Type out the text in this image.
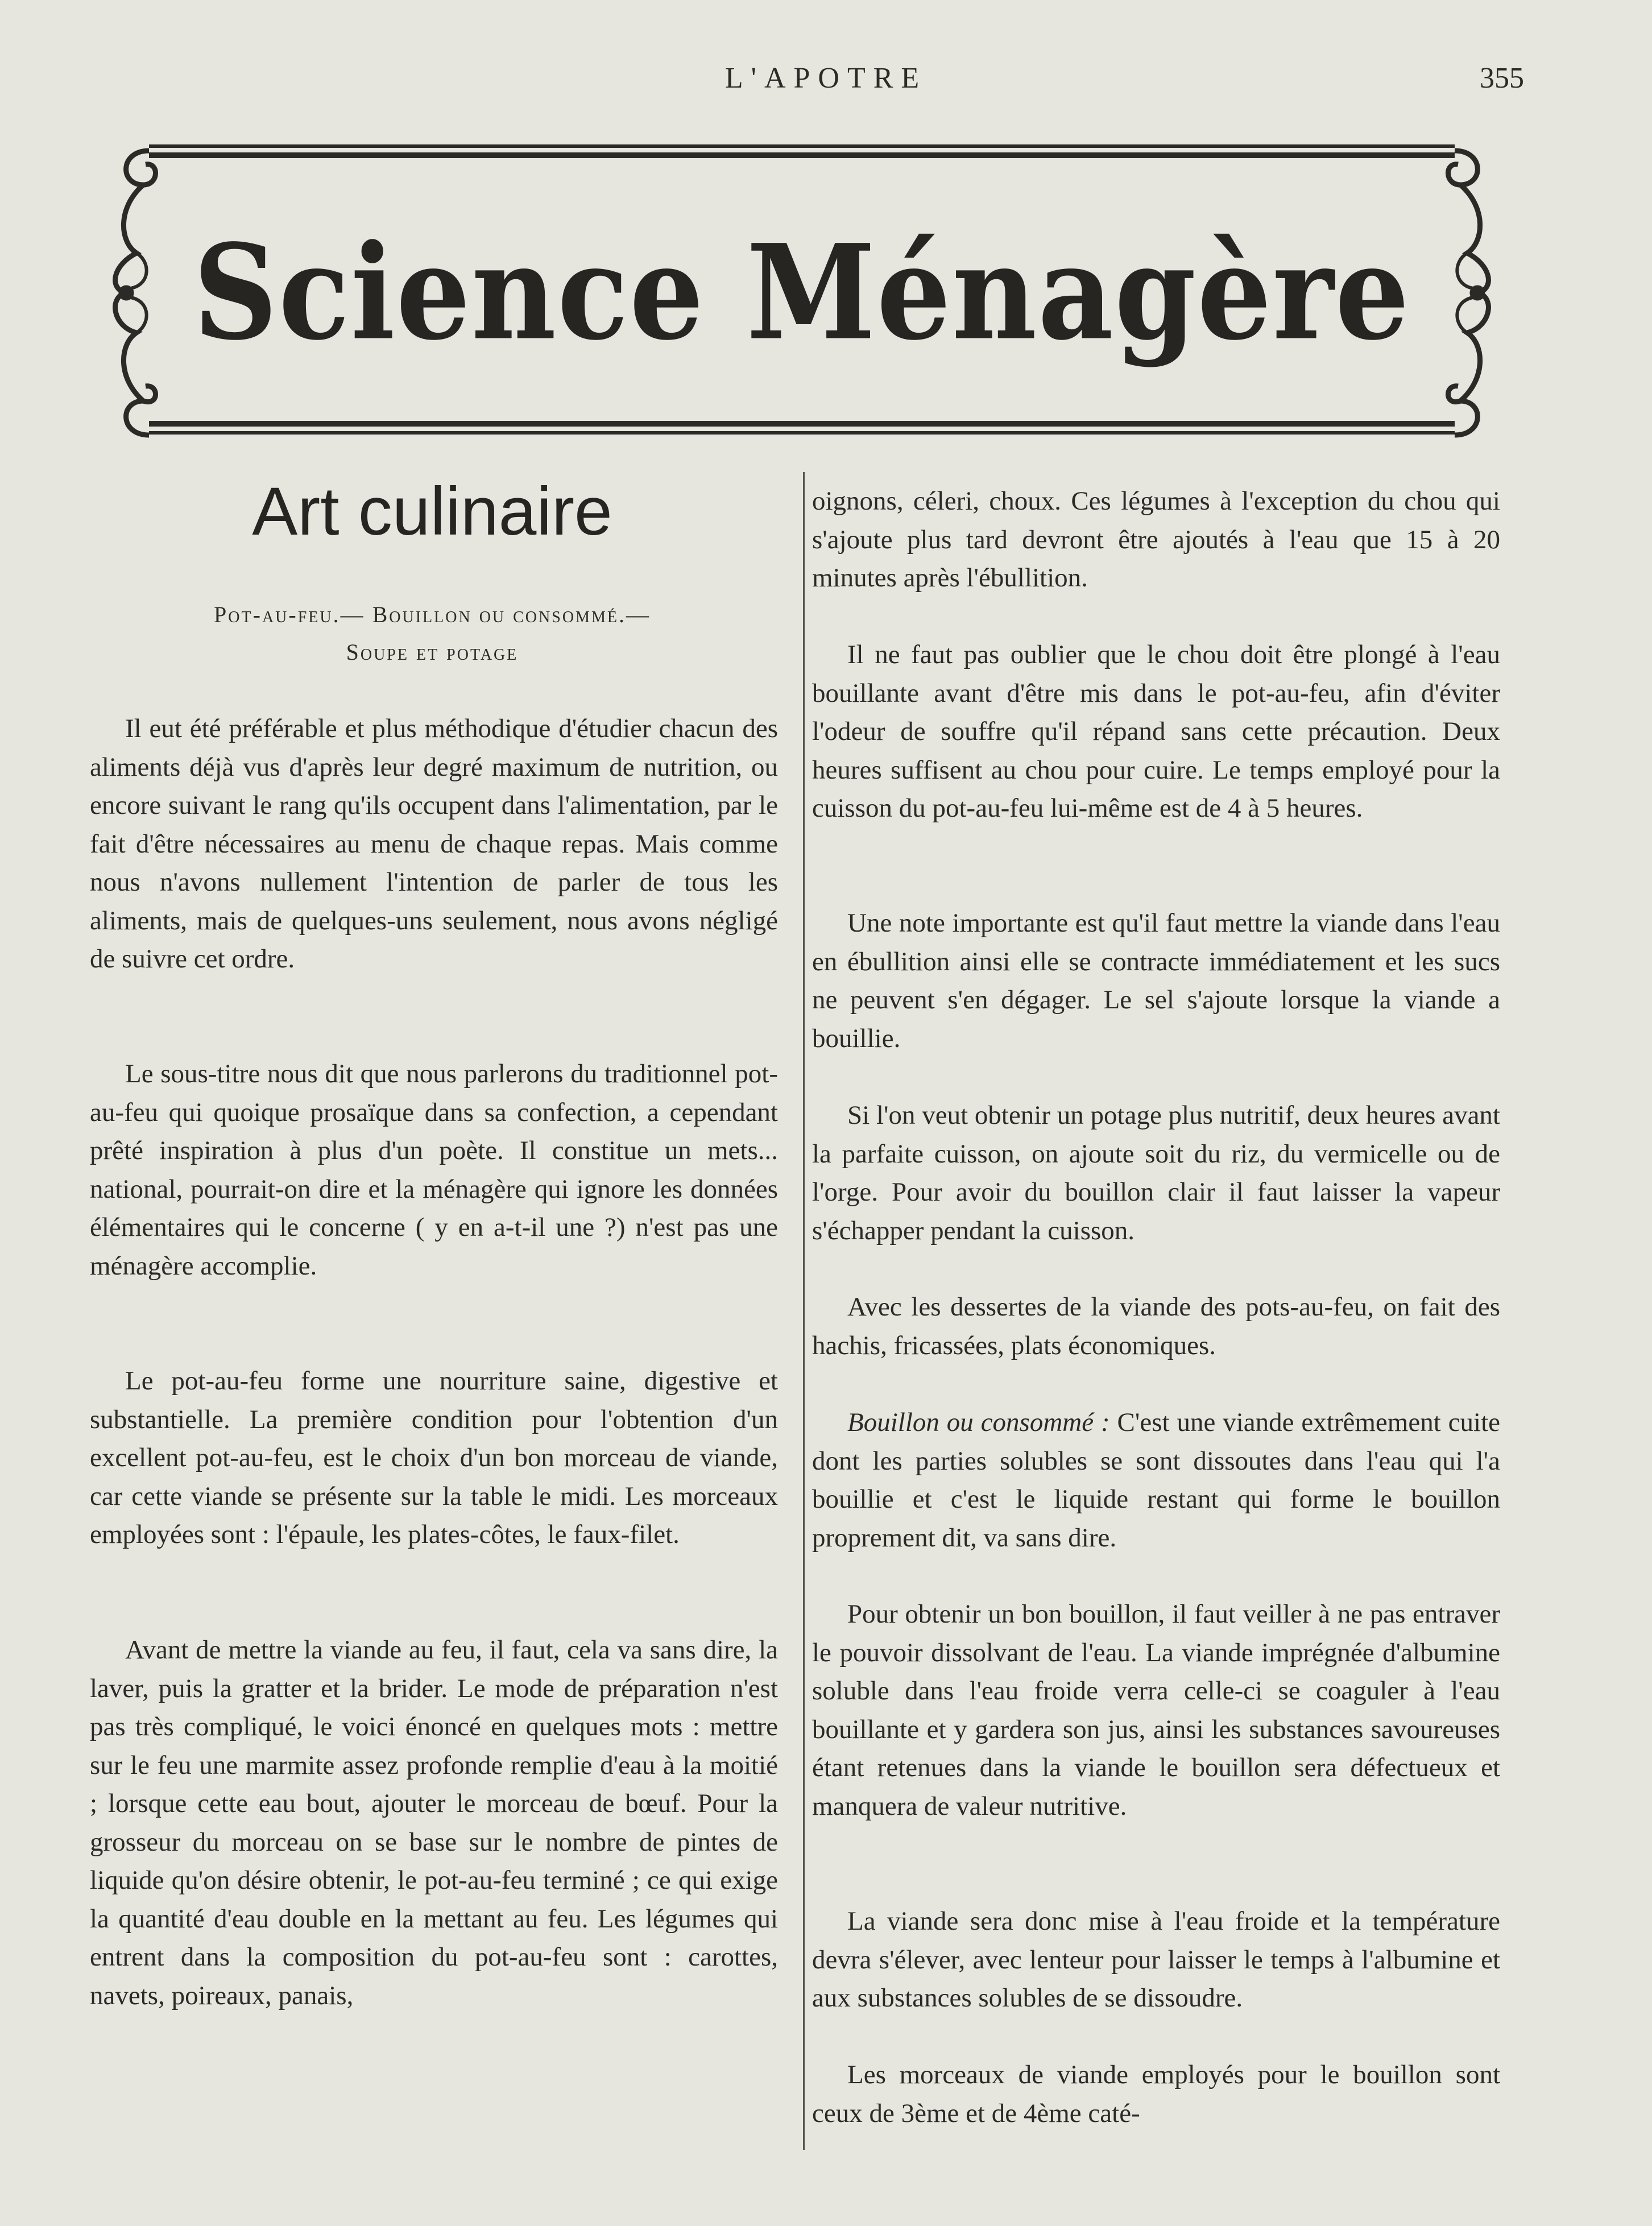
L'APOTRE	355
Science Ménagère
Art culinaire
Pot-au-feu.— Bouillon ou consommé.—
Soupe et potage

Il eut été préférable et plus méthodique d'étudier chacun des aliments déjà vus d'après leur degré maximum de nutrition, ou encore suivant le rang qu'ils occupent dans l'alimentation, par le fait d'être nécessaires au menu de chaque repas. Mais comme nous n'avons nullement l'intention de parler de tous les aliments, mais de quelques-uns seulement, nous avons négligé de suivre cet ordre.

Le sous-titre nous dit que nous parlerons du traditionnel pot-au-feu qui quoique prosaïque dans sa confection, a cependant prêté inspiration à plus d'un poète. Il constitue un mets... national, pourrait-on dire et la ménagère qui ignore les données élémentaires qui le concerne ( y en a-t-il une ?) n'est pas une ménagère accomplie.

Le pot-au-feu forme une nourriture saine, digestive et substantielle. La première condition pour l'obtention d'un excellent pot-au-feu, est le choix d'un bon morceau de viande, car cette viande se présente sur la table le midi. Les morceaux employées sont : l'épaule, les plates-côtes, le faux-filet.

Avant de mettre la viande au feu, il faut, cela va sans dire, la laver, puis la gratter et la brider. Le mode de préparation n'est pas très compliqué, le voici énoncé en quelques mots : mettre sur le feu une marmite assez profonde remplie d'eau à la moitié ; lorsque cette eau bout, ajouter le morceau de bœuf. Pour la grosseur du morceau on se base sur le nombre de pintes de liquide qu'on désire obtenir, le pot-au-feu terminé ; ce qui exige la quantité d'eau double en la mettant au feu. Les légumes qui entrent dans la composition du pot-au-feu sont : carottes, navets, poireaux, panais,

oignons, céleri, choux. Ces légumes à l'exception du chou qui s'ajoute plus tard devront être ajoutés à l'eau que 15 à 20 minutes après l'ébullition.

Il ne faut pas oublier que le chou doit être plongé à l'eau bouillante avant d'être mis dans le pot-au-feu, afin d'éviter l'odeur de souffre qu'il répand sans cette précaution. Deux heures suffisent au chou pour cuire. Le temps employé pour la cuisson du pot-au-feu lui-même est de 4 à 5 heures.

Une note importante est qu'il faut mettre la viande dans l'eau en ébullition ainsi elle se contracte immédiatement et les sucs ne peuvent s'en dégager. Le sel s'ajoute lorsque la viande a bouillie.

Si l'on veut obtenir un potage plus nutritif, deux heures avant la parfaite cuisson, on ajoute soit du riz, du vermicelle ou de l'orge. Pour avoir du bouillon clair il faut laisser la vapeur s'échapper pendant la cuisson.

Avec les dessertes de la viande des pots-au-feu, on fait des hachis, fricassées, plats économiques.

Bouillon ou consommé : C'est une viande extrêmement cuite dont les parties solubles se sont dissoutes dans l'eau qui l'a bouillie et c'est le liquide restant qui forme le bouillon proprement dit, va sans dire.

Pour obtenir un bon bouillon, il faut veiller à ne pas entraver le pouvoir dissolvant de l'eau. La viande imprégnée d'albumine soluble dans l'eau froide verra celle-ci se coaguler à l'eau bouillante et y gardera son jus, ainsi les substances savoureuses étant retenues dans la viande le bouillon sera défectueux et manquera de valeur nutritive.

La viande sera donc mise à l'eau froide et la température devra s'élever, avec lenteur pour laisser le temps à l'albumine et aux substances solubles de se dissoudre.

Les morceaux de viande employés pour le bouillon sont ceux de 3ème et de 4ème caté-
